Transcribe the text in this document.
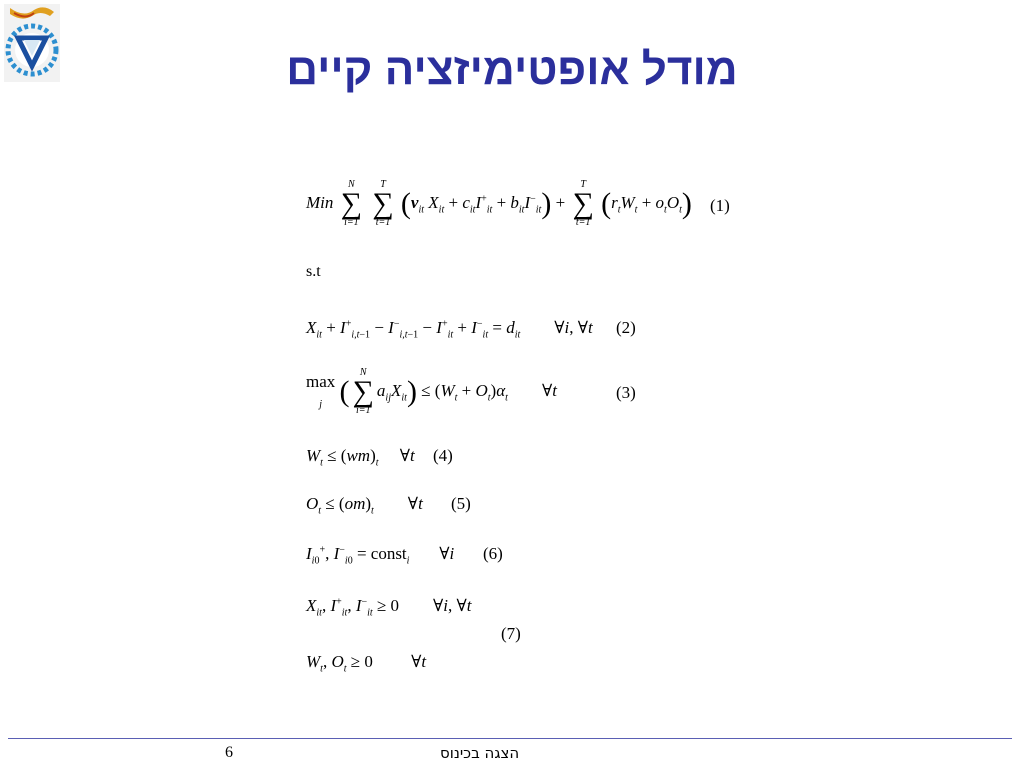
מודל אופטימיזציה קיים
Min
N
∑
i=1

T
∑
t=1
($v_{it}$ $X_{it} + c_{it}I^+_{it} + b_{it}I^-_{it}$) +
T
∑
t=1
$(r_tW_t + o_tO_t)$ (1)
s.t
$X_{it} + I^+_{i,t-1} - I^-_{i,t-1} - I^+_{it} + I^-_{it} = d_{it}$        ∀i, ∀t (2)
max
j (
N
∑
i=1
$a_{ij}X_{it}) \le (W_t + O_t)\alpha_t$        ∀t	(3)
$W_t \le (wm)_t$     ∀t (4)
$O_t \le (om)_t$        ∀t (5)
$I_{i0}^+$, $I^-_{i0}$ = const$_i$       ∀i (6)
$X_{it}$, $I^+_{it}$, $I^-_{it} \ge 0$        ∀i, ∀t
(7)
$W_t$, $O_t \ge 0$         ∀t
הצגה בכינוס
6
